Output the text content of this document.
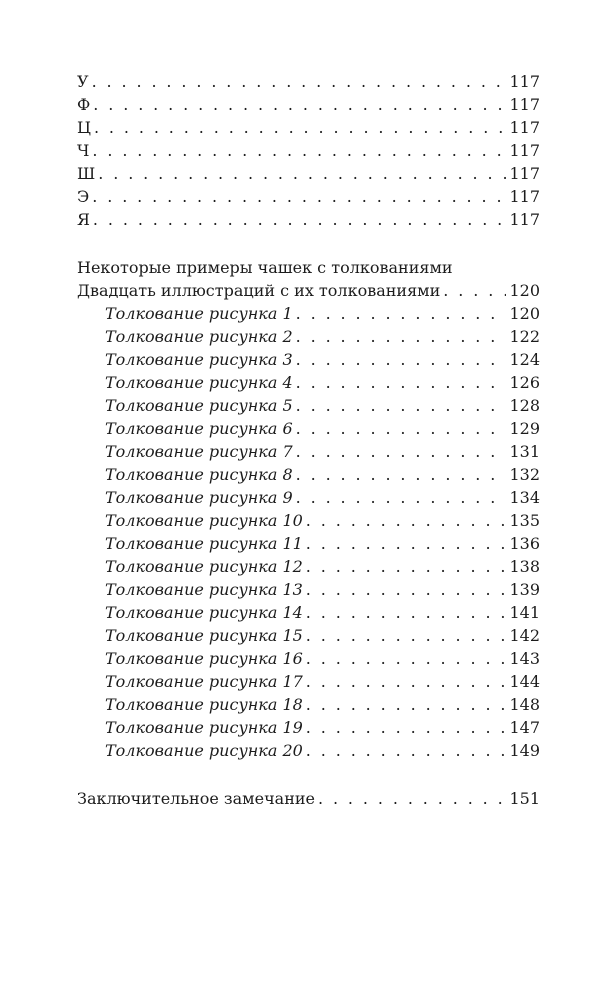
У . . .	117
Ф . . .	117
Ц . . .	117
Ч . . .	117
Ш . . .	117
Э . . .	117
Я . . .	117
Некоторые примеры чашек с толкованиями
Двадцать иллюстраций с их толкованиями . . .	120
Толкование рисунка 1 . . .	120
Толкование рисунка 2 . . .	122
Толкование рисунка 3 . . .	124
Толкование рисунка 4 . . .	126
Толкование рисунка 5 . . .	128
Толкование рисунка 6 . . .	129
Толкование рисунка 7 . . .	131
Толкование рисунка 8 . . .	132
Толкование рисунка 9 . . .	134
Толкование рисунка 10 . . .	135
Толкование рисунка 11 . . .	136
Толкование рисунка 12 . . .	138
Толкование рисунка 13 . . .	139
Толкование рисунка 14 . . .	141
Толкование рисунка 15 . . .	142
Толкование рисунка 16 . . .	143
Толкование рисунка 17 . . .	144
Толкование рисунка 18 . . .	148
Толкование рисунка 19 . . .	147
Толкование рисунка 20 . . .	149
Заключительное замечание . . .	151
